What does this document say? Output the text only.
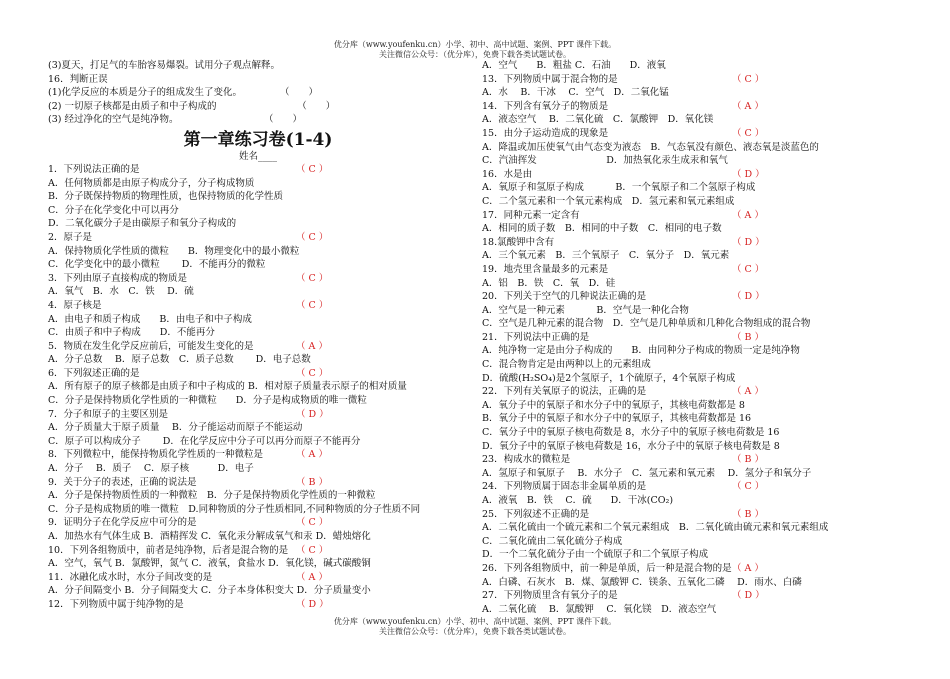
优分库（www.youfenku.cn）小学、初中、高中试题、案例、PPT 课件下载。
关注微信公众号：（优分库），免费下载各类试题试卷。
(3)夏天，打足气的车胎容易爆裂。试用分子观点解释。
16．判断正误
(1)化学反应的本质是分子的组成发生了变化。　　　　　（　　）
(2) 一切原子核都是由质子和中子构成的　　　　　　　　　（　　）
(3) 经过净化的空气是纯净物。　　　　　　　　　　（　　）
第一章练习卷(1-4)
姓名____
1．下列说法正确的是	（ C ）
A．任何物质都是由原子构成分子，分子构成物质
B．分子既保持物质的物理性质，也保持物质的化学性质
C．分子在化学变化中可以再分
D．二氧化碳分子是由碳原子和氧分子构成的
2．原子是	（ C ）
A．保持物质化学性质的微粒　　B．物理变化中的最小微粒
C．化学变化中的最小微粒　　 D．不能再分的微粒
3．下列由原子直接构成的物质是	（ C ）
A．氧气　B．水　C．铁　 D．硫
4．原子核是	（ C ）
A．由电子和质子构成　　B．由电子和中子构成
C．由质子和中子构成　　D．不能再分
5．物质在发生化学反应前后，可能发生变化的是	（ A ）
A．分子总数　 B．原子总数　C．质子总数　　 D．电子总数
6．下列叙述正确的是	（ C ）
A．所有原子的原子核都是由质子和中子构成的 B．相对原子质量表示原子的相对质量
C．分子是保持物质化学性质的一种微粒　　D．分子是构成物质的唯一微粒
7．分子和原子的主要区别是	（ D ）
A．分子质量大于原子质量　 B．分子能运动而原子不能运动
C．原子可以构成分子　　 D．在化学反应中分子可以再分而原子不能再分
8．下列微粒中，能保持物质化学性质的一种微粒是	（ A ）
A．分子　 B．质子　 C．原子核　　　D．电子
9．关于分子的表述，正确的说法是	（ B ）
A．分子是保持物质性质的一种微粒　B．分子是保持物质化学性质的一种微粒
C．分子是构成物质的唯一微粒　D.同种物质的分子性质相同,不同种物质的分子性质不同
9．证明分子在化学反应中可分的是	（ C ）
A．加热水有气体生成 B．酒精挥发 C．氧化汞分解成氧气和汞 D．蜡烛熔化
10．下列各组物质中，前者是纯净物，后者是混合物的是 （ C ）
A．空气，氧气 B．氯酸钾，氮气 C．液氧，食盐水 D．氧化镁，碱式碳酸铜
11．冰融化成水时，水分子间改变的是	（ A ）
A．分子间隔变小 B．分子间隔变大 C．分子本身体积变大 D．分子质量变小
12．下列物质中属于纯净物的是	（ D ）
A．空气　　B．粗盐 C．石油　　D．液氧
13．下列物质中属于混合物的是	（ C ）
A．水　 B．干冰　 C．空气　D．二氧化锰
14．下列含有氧分子的物质是	（ A ）
A．液态空气　 B．二氧化硫　C．氯酸钾　D．氧化镁
15．由分子运动造成的现象是	（ C ）
A．降温或加压使氧气由气态变为液态　B．气态氧没有颜色、液态氧是淡蓝色的
C．汽油挥发　　　　　　　 D．加热氧化汞生成汞和氧气
16．水是由	（ D ）
A．氧原子和氢原子构成　　　 B．一个氧原子和二个氢原子构成
C．二个氢元素和一个氧元素构成　D．氢元素和氧元素组成
17．同种元素一定含有	（ A ）
A．相同的质子数　B．相同的中子数　C．相同的电子数
18.氯酸钾中含有	（ D ）
A．三个氧元素　B．三个氧原子　C．氧分子　D．氧元素
19．地壳里含量最多的元素是	（ C ）
A．铝　B．铁　C．氧　D．硅
20．下列关于空气的几种说法正确的是	（ D ）
A．空气是一种元素　　　 B．空气是一种化合物
C．空气是几种元素的混合物　D．空气是几种单质和几种化合物组成的混合物
21．下列说法中正确的是	（ B ）
A．纯净物一定是由分子构成的　　B．由同种分子构成的物质一定是纯净物
C．混合物肯定是由两种以上的元素组成
D．硫酸(H₂SO₄)是2个氢原子，1个硫原子，4个氧原子构成
22．下列有关氧原子的说法，正确的是	（ A ）
A．氧分子中的氧原子和水分子中的氧原子，其核电荷数都是 8
B．氧分子中的氧原子和水分子中的氧原子，其核电荷数都是 16
C．氧分子中的氧原子核电荷数是 8，水分子中的氧原子核电荷数是 16
D．氧分子中的氧原子核电荷数是 16，水分子中的氧原子核电荷数是 8
23．构成水的微粒是	（ B ）
A．氢原子和氧原子　 B．水分子　C．氢元素和氧元素　 D．氢分子和氧分子
24．下列物质属于固态非金属单质的是	（ C ）
A．液氧　B．铁　 C．硫　　D．干冰(CO₂)
25．下列叙述不正确的是	（ B ）
A．二氧化硫由一个硫元素和二个氧元素组成　B．二氧化硫由硫元素和氧元素组成
C．二氧化硫由二氧化硫分子构成
D．一个二氧化硫分子由一个硫原子和二个氧原子构成
26．下列各组物质中，前一种是单质，后一种是混合物的是 （ A ）
A．白磷、石灰水　B．煤、氯酸钾 C．镁条、五氧化二磷　 D．雨水、白磷
27．下列物质里含有氧分子的是	（ D ）
A．二氧化硫　 B．氯酸钾　 C．氧化镁　D．液态空气
优分库（www.youfenku.cn）小学、初中、高中试题、案例、PPT 课件下载。
关注微信公众号：（优分库），免费下载各类试题试卷。
